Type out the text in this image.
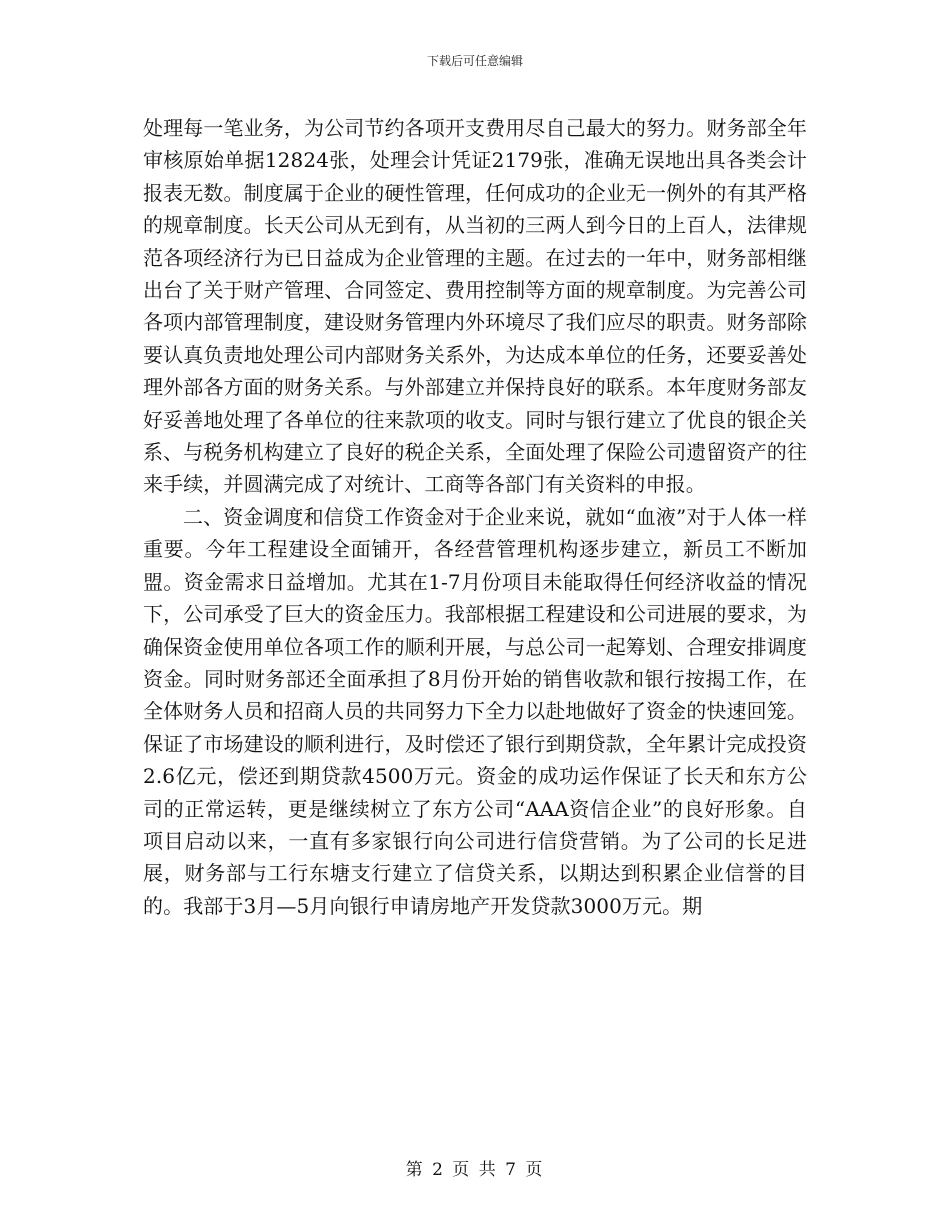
下载后可任意编辑

处理每一笔业务，为公司节约各项开支费用尽自己最大的努力。财务部全年审核原始单据12824张，处理会计凭证2179张，准确无误地出具各类会计报表无数。制度属于企业的硬性管理，任何成功的企业无一例外的有其严格的规章制度。长天公司从无到有，从当初的三两人到今日的上百人，法律规范各项经济行为已日益成为企业管理的主题。在过去的一年中，财务部相继出台了关于财产管理、合同签定、费用控制等方面的规章制度。为完善公司各项内部管理制度，建设财务管理内外环境尽了我们应尽的职责。财务部除要认真负责地处理公司内部财务关系外，为达成本单位的任务，还要妥善处理外部各方面的财务关系。与外部建立并保持良好的联系。本年度财务部友好妥善地处理了各单位的往来款项的收支。同时与银行建立了优良的银企关系、与税务机构建立了良好的税企关系，全面处理了保险公司遗留资产的往来手续，并圆满完成了对统计、工商等各部门有关资料的申报。

二、资金调度和信贷工作资金对于企业来说，就如“血液”对于人体一样重要。今年工程建设全面铺开，各经营管理机构逐步建立，新员工不断加盟。资金需求日益增加。尤其在1-7月份项目未能取得任何经济收益的情况下，公司承受了巨大的资金压力。我部根据工程建设和公司进展的要求，为确保资金使用单位各项工作的顺利开展，与总公司一起筹划、合理安排调度资金。同时财务部还全面承担了8月份开始的销售收款和银行按揭工作，在全体财务人员和招商人员的共同努力下全力以赴地做好了资金的快速回笼。保证了市场建设的顺利进行，及时偿还了银行到期贷款，全年累计完成投资2.6亿元，偿还到期贷款4500万元。资金的成功运作保证了长天和东方公司的正常运转，更是继续树立了东方公司“AAA资信企业”的良好形象。自项目启动以来，一直有多家银行向公司进行信贷营销。为了公司的长足进展，财务部与工行东塘支行建立了信贷关系，以期达到积累企业信誉的目的。我部于3月—5月向银行申请房地产开发贷款3000万元。期

第 2 页 共 7 页
